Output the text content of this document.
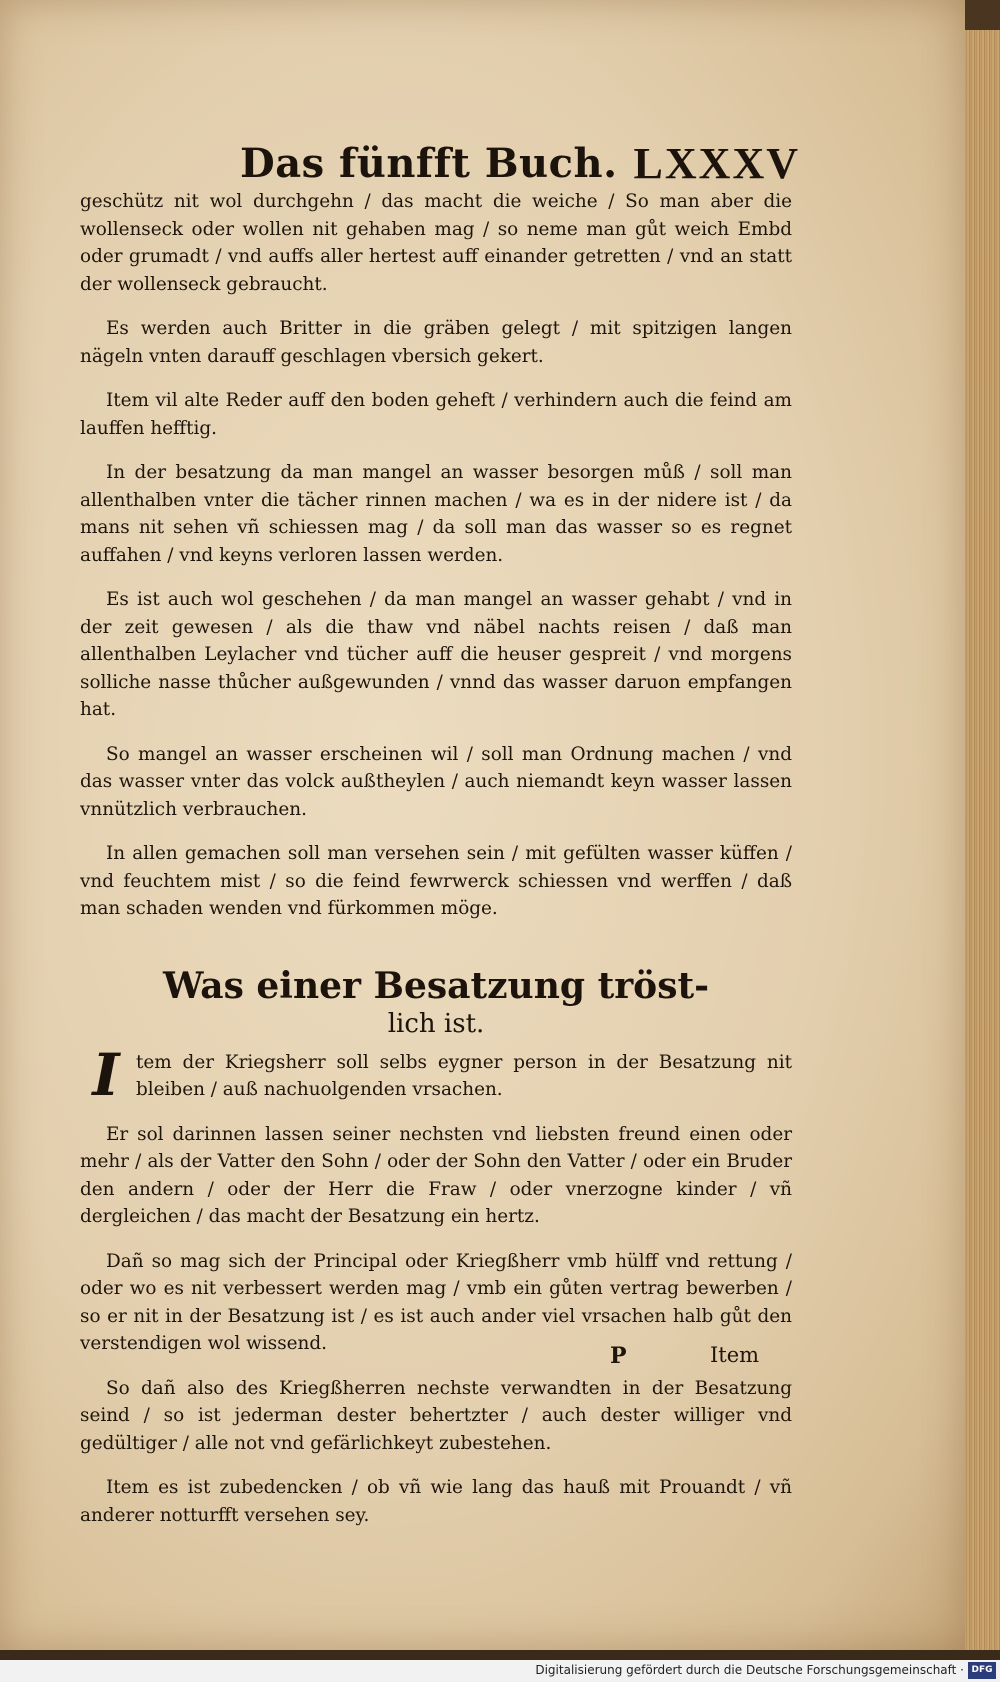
Das fünfft Buch. LXXXV

geschütz nit wol durchgehn / das macht die weiche / So man aber die wollenseck oder wollen nit gehaben mag / so neme man gůt weich Embd oder grumadt / vnd auffs aller hertest auff einander getretten / vnd an statt der wollenseck gebraucht.

Es werden auch Britter in die gräben gelegt / mit spitzigen langen nägeln vnten darauff geschlagen vbersich gekert.

Item vil alte Reder auff den boden geheft / verhindern auch die feind am lauffen hefftig.

In der besatzung da man mangel an wasser besorgen můß / soll man allenthalben vnter die tächer rinnen machen / wa es in der nidere ist / da mans nit sehen vñ schiessen mag / da soll man das wasser so es regnet auffahen / vnd keyns verloren lassen werden.

Es ist auch wol geschehen / da man mangel an wasser gehabt / vnd in der zeit gewesen / als die thaw vnd näbel nachts reisen / daß man allenthalben Leylacher vnd tücher auff die heuser gespreit / vnd morgens solliche nasse thůcher außgewunden / vnnd das wasser daruon empfangen hat.

So mangel an wasser erscheinen wil / soll man Ordnung machen / vnd das wasser vnter das volck außtheylen / auch niemandt keyn wasser lassen vnnützlich verbrauchen.

In allen gemachen soll man versehen sein / mit gefülten wasser küffen / vnd feuchtem mist / so die feind fewrwerck schiessen vnd werffen / daß man schaden wenden vnd fürkommen möge.

Was einer Besatzung tröst-
lich ist.

I tem der Kriegsherr soll selbs eygner person in der Besatzung nit bleiben / auß nachuolgenden vrsachen.

Er sol darinnen lassen seiner nechsten vnd liebsten freund einen oder mehr / als der Vatter den Sohn / oder der Sohn den Vatter / oder ein Bruder den andern / oder der Herr die Fraw / oder vnerzogne kinder / vñ dergleichen / das macht der Besatzung ein hertz.

Dañ so mag sich der Principal oder Kriegßherr vmb hülff vnd rettung / oder wo es nit verbessert werden mag / vmb ein gůten vertrag bewerben / so er nit in der Besatzung ist / es ist auch ander viel vrsachen halb gůt den verstendigen wol wissend.

So dañ also des Kriegßherren nechste verwandten in der Besatzung seind / so ist jederman dester behertzter / auch dester williger vnd gedültiger / alle not vnd gefärlichkeyt zubestehen.

Item es ist zubedencken / ob vñ wie lang das hauß mit Prouandt / vñ anderer notturfft versehen sey.

P	Item
Digitalisierung gefördert durch die Deutsche Forschungsgemeinschaft · DFG
